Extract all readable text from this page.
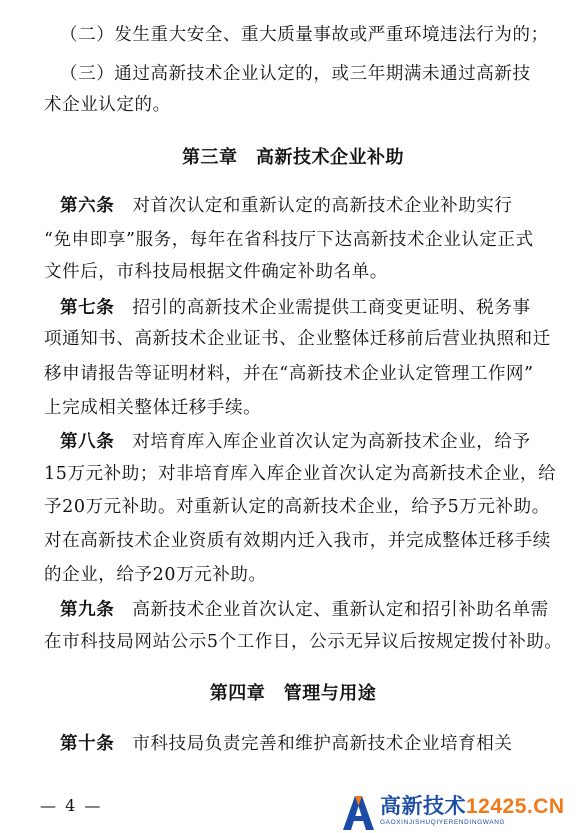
（二）发生重大安全、重大质量事故或严重环境违法行为的；
（三）通过高新技术企业认定的，或三年期满未通过高新技
术企业认定的。
第三章　高新技术企业补助
第六条　对首次认定和重新认定的高新技术企业补助实行
“免申即享”服务，每年在省科技厅下达高新技术企业认定正式
文件后，市科技局根据文件确定补助名单。
第七条　招引的高新技术企业需提供工商变更证明、税务事
项通知书、高新技术企业证书、企业整体迁移前后营业执照和迁
移申请报告等证明材料，并在“高新技术企业认定管理工作网”
上完成相关整体迁移手续。
第八条　对培育库入库企业首次认定为高新技术企业，给予
15万元补助；对非培育库入库企业首次认定为高新技术企业，给
予20万元补助。对重新认定的高新技术企业，给予5万元补助。
对在高新技术企业资质有效期内迁入我市，并完成整体迁移手续
的企业，给予20万元补助。
第九条　高新技术企业首次认定、重新认定和招引补助名单需
在市科技局网站公示5个工作日，公示无异议后按规定拨付补助。
第四章　管理与用途
第十条　市科技局负责完善和维护高新技术企业培育相关
— 4 —	高新技术12425.CN
GAOXINJISHUQIYERENDINGWANG
